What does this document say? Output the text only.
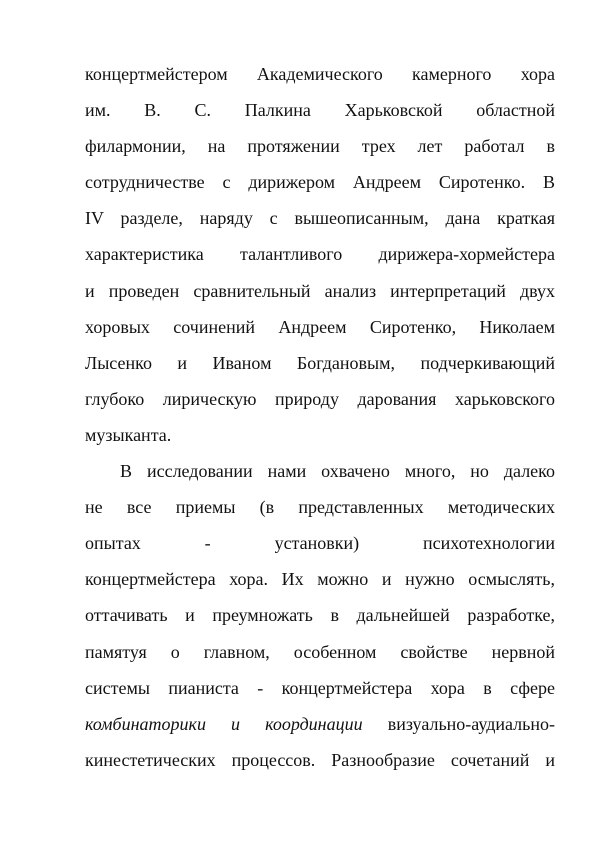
концертмейстером Академического камерного хора
им. В. С. Палкина Харьковской областной
филармонии, на протяжении трех лет работал в
сотрудничестве с дирижером Андреем Сиротенко. В
IV разделе, наряду с вышеописанным, дана краткая
характеристика талантливого дирижера-хормейстера
и проведен сравнительный анализ интерпретаций двух
хоровых сочинений Андреем Сиротенко, Николаем
Лысенко и Иваном Богдановым, подчеркивающий
глубоко лирическую природу дарования харьковского
музыканта.
В исследовании нами охвачено много, но далеко
не все приемы (в представленных методических
опытах - установки) психотехнологии
концертмейстера хора. Их можно и нужно осмыслять,
оттачивать и преумножать в дальнейшей разработке,
памятуя о главном, особенном свойстве нервной
системы пианиста - концертмейстера хора в сфере
комбинаторики и координации визуально-аудиально-
кинестетических процессов. Разнообразие сочетаний и
